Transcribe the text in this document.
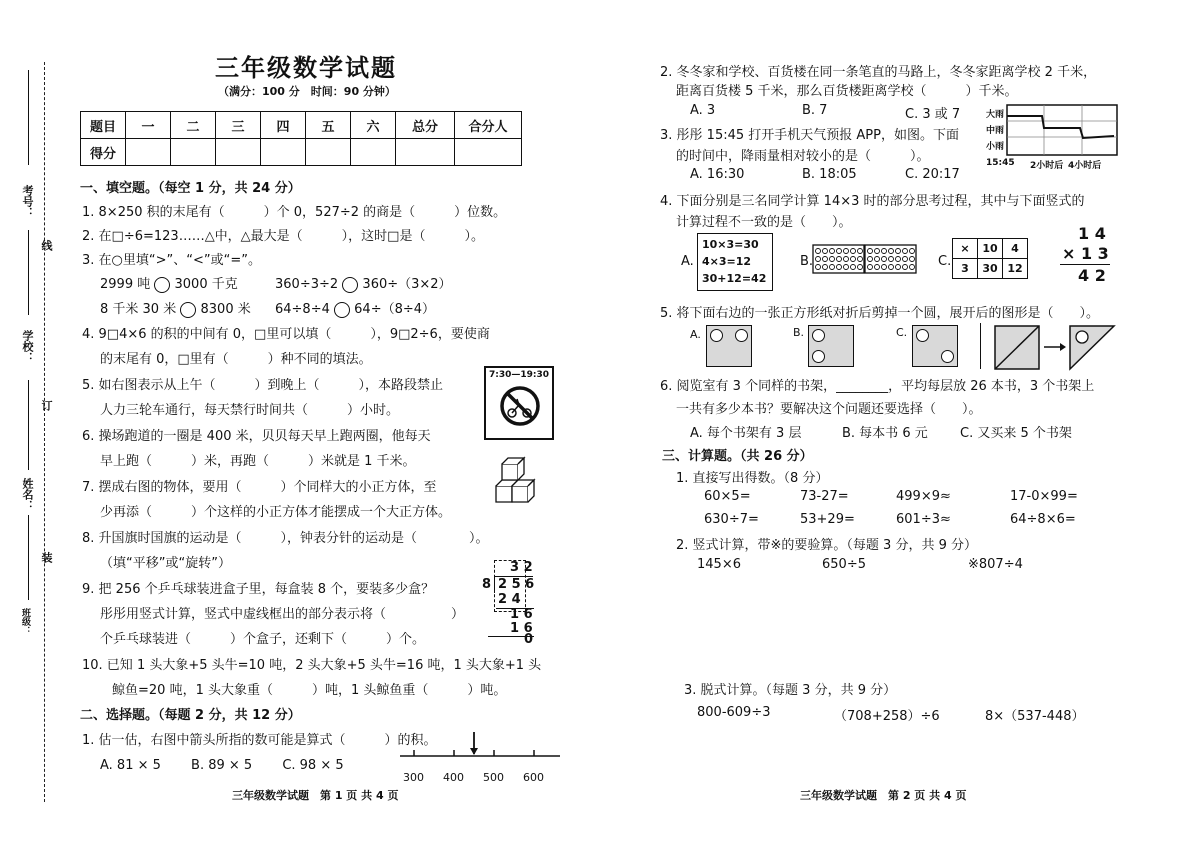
考号：
线
学校：
订
姓名：
装
班级：
三年级数学试题
（满分：100 分　时间：90 分钟）
题目	一	二	三	四	五	六	总分	合分人
得分								
一、填空题。（每空 1 分，共 24 分）
1. 8×250 积的末尾有（　　　）个 0，527÷2 的商是（　　　）位数。
2. 在□÷6=123……△中，△最大是（　　　），这时□是（　　　）。
3. 在○里填“>”、“<”或“=”。
2999 吨 3000 千克	360÷3÷2 360÷（3×2）
8 千米 30 米 8300 米 64÷8÷4 64÷（8÷4）
4. 9□4×6 的积的中间有 0，□里可以填（　　　），9□2÷6，要使商
的末尾有 0，□里有（　　　）种不同的填法。
5. 如右图表示从上午（　　　）到晚上（　　　），本路段禁止
人力三轮车通行，每天禁行时间共（　　　）小时。
7:30—19:30
6. 操场跑道的一圈是 400 米，贝贝每天早上跑两圈，他每天
早上跑（　　　）米，再跑（　　　）米就是 1 千米。
7. 摆成右图的物体，要用（　　　）个同样大的小正方体，至
少再添（　　　）个这样的小正方体才能摆成一个大正方体。
8. 升国旗时国旗的运动是（　　　），钟表分针的运动是（　　　　）。
（填“平移”或“旋转”）
9. 把 256 个乒乓球装进盒子里，每盒装 8 个，要装多少盒？
彤彤用竖式计算，竖式中虚线框出的部分表示将（　　　　　）
个乒乓球装进（　　　）个盒子，还剩下（　　　）个。
3 2
8 2 5 6
2 4
1 6
1 6
0
10. 已知 1 头大象+5 头牛=10 吨，2 头大象+5 头牛=16 吨，1 头大象+1 头
鲸鱼=20 吨，1 头大象重（　　　）吨，1 头鲸鱼重（　　　）吨。
二、选择题。（每题 2 分，共 12 分）
1. 估一估，右图中箭头所指的数可能是算式（　　　）的积。
A. 81 × 5　　 B. 89 × 5　　 C. 98 × 5
300 400 500 600
三年级数学试题　第 1 页 共 4 页
2. 冬冬家和学校、百货楼在同一条笔直的马路上，冬冬家距离学校 2 千米，
距离百货楼 5 千米，那么百货楼距离学校（　　　）千米。
A. 3	B. 7	C. 3 或 7
3. 彤彤 15:45 打开手机天气预报 APP，如图。下面
的时间中，降雨量相对较小的是（　　　）。
A. 16:30	B. 18:05	C. 20:17
大雨
中雨
小雨
15:45 2小时后 4小时后
4. 下面分别是三名同学计算 14×3 时的部分思考过程，其中与下面竖式的
计算过程不一致的是（　　）。
A.
10×3=30
4×3=12
30+12=42
B.	C.
×	10	4
3	30	12
1 4
× 1 3
4 2
5. 将下面右边的一张正方形纸对折后剪掉一个圆，展开后的图形是（　　）。
A.	B.	C.
6. 阅览室有 3 个同样的书架，________，平均每层放 26 本书，3 个书架上
一共有多少本书？要解决这个问题还要选择（　　）。
A. 每个书架有 3 层	B. 每本书 6 元 C. 又买来 5 个书架
三、计算题。（共 26 分）
1. 直接写出得数。（8 分）
60×5=	73-27=	499×9≈	17-0×99=
630÷7=	53+29=	601÷3≈	64÷8×6=
2. 竖式计算，带※的要验算。（每题 3 分，共 9 分）
145×6	650÷5	※807÷4
3. 脱式计算。（每题 3 分，共 9 分）
800-609÷3	（708+258）÷6	8×（537-448）
三年级数学试题　第 2 页 共 4 页
